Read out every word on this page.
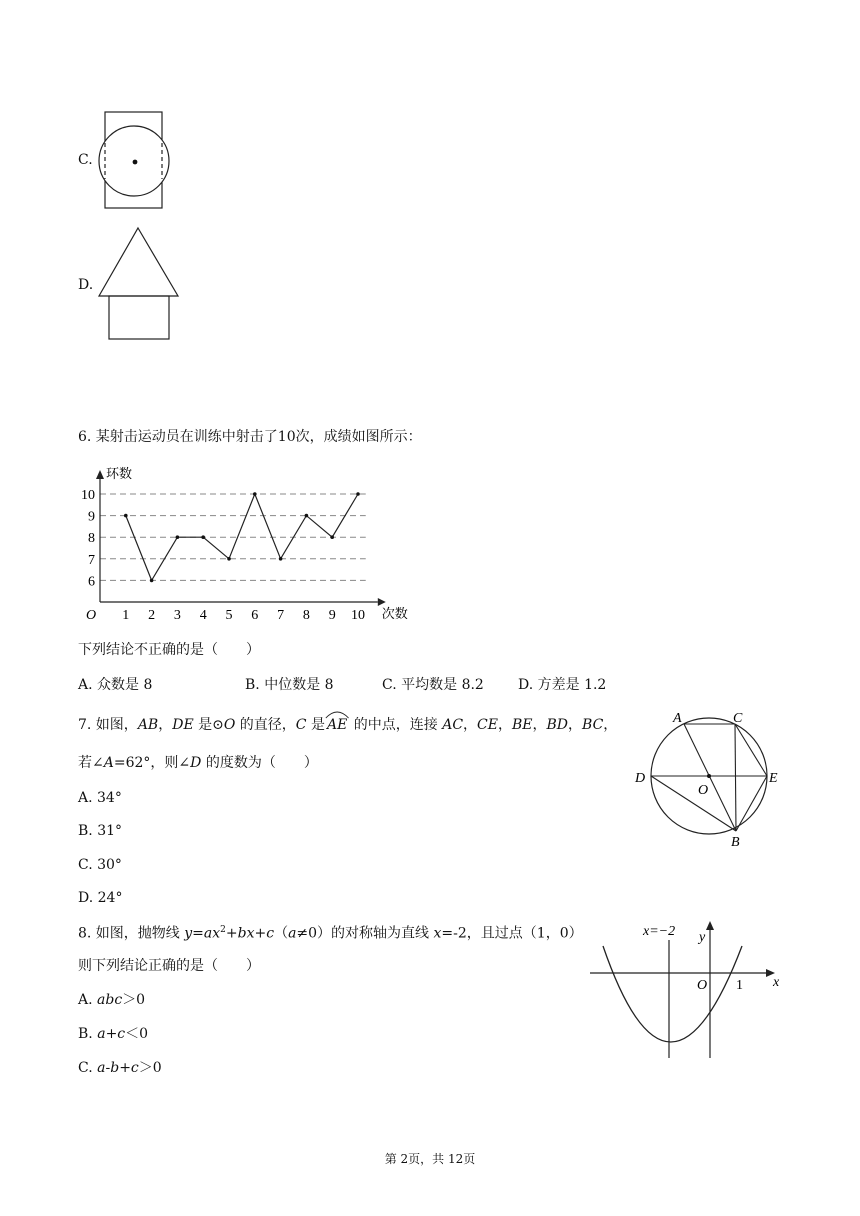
C.
D.
6. 某射击运动员在训练中射击了10次，成绩如图所示：
6
7
8
9
10
1 2 3 4 5 6 7 8 9 10
O
环数
次数
下列结论不正确的是（　　）
A. 众数是 8	B. 中位数是 8	C. 平均数是 8.2 D. 方差是 1.2
7. 如图，AB，DE 是⊙O 的直径，C 是 AE 的中点，连接 AC，CE，BE，BD，BC，
若∠A=62°，则∠D 的度数为（　　）
A. 34°
B. 31°
C. 30°
D. 24°
A	C
D
O
E
B
8. 如图，抛物线 $y=ax^2+bx+c(a\ne 0)$的对称轴为直线 x=-2，且过点（1，0）
则下列结论正确的是（　　）
A. abc＞0
B. a+c＜0
C. a-b+c＞0
x=−2 y
x
O 1
第 2页，共 12页
